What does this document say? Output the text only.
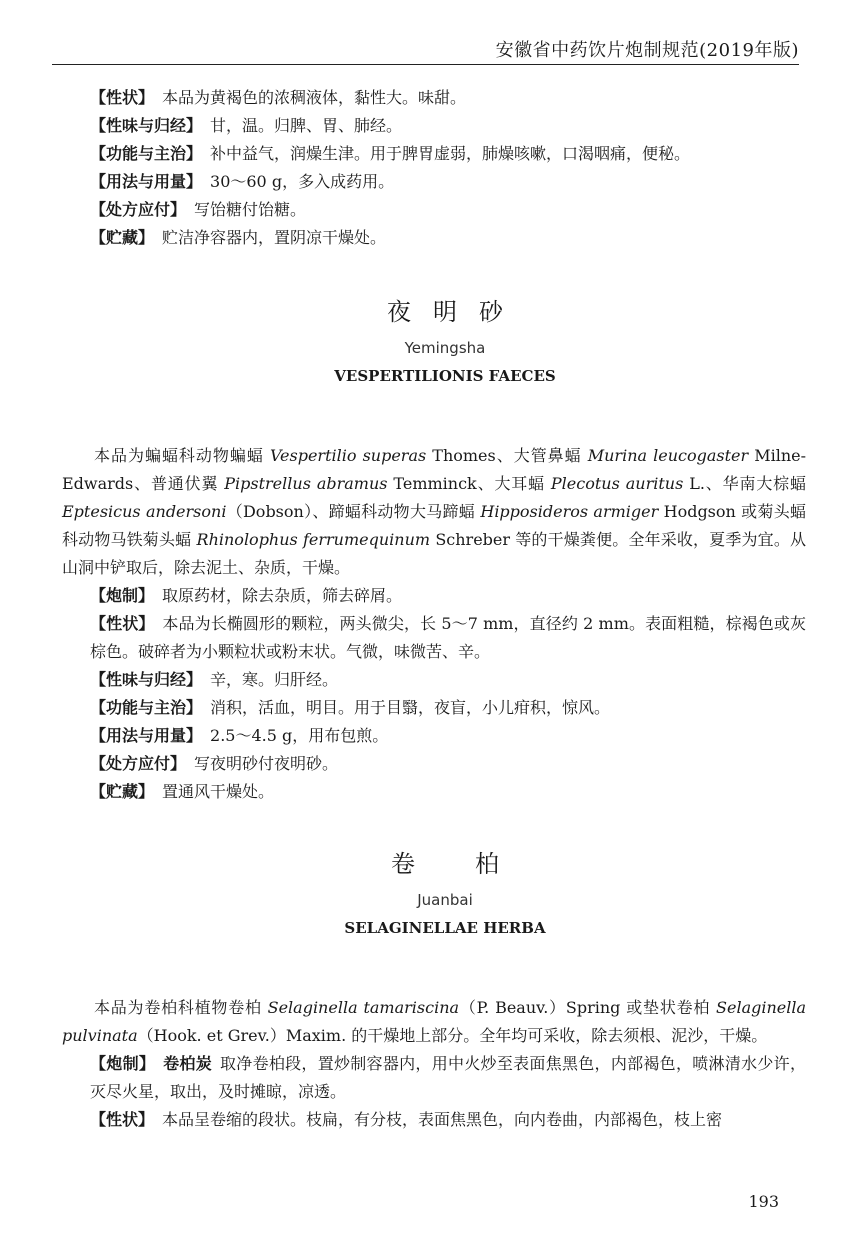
安徽省中药饮片炮制规范(2019年版)
【性状】 本品为黄褐色的浓稠液体，黏性大。味甜。
【性味与归经】 甘，温。归脾、胃、肺经。
【功能与主治】 补中益气，润燥生津。用于脾胃虚弱，肺燥咳嗽，口渴咽痛，便秘。
【用法与用量】 30～60 g，多入成药用。
【处方应付】 写饴糖付饴糖。
【贮藏】 贮洁净容器内，置阴凉干燥处。
夜明砂
Yemingsha
VESPERTILIONIS FAECES
本品为蝙蝠科动物蝙蝠 Vespertilio superas Thomes、大管鼻蝠 Murina leucogaster Milne-Edwards、普通伏翼 Pipstrellus abramus Temminck、大耳蝠 Plecotus auritus L.、华南大棕蝠 Eptesicus andersoni（Dobson）、蹄蝠科动物大马蹄蝠 Hipposideros armiger Hodgson 或菊头蝠科动物马铁菊头蝠 Rhinolophus ferrumequinum Schreber 等的干燥粪便。全年采收，夏季为宜。从山洞中铲取后，除去泥土、杂质，干燥。
【炮制】 取原药材，除去杂质，筛去碎屑。
【性状】 本品为长椭圆形的颗粒，两头微尖，长 5～7 mm，直径约 2 mm。表面粗糙，棕褐色或灰棕色。破碎者为小颗粒状或粉末状。气微，味微苦、辛。
【性味与归经】 辛，寒。归肝经。
【功能与主治】 消积，活血，明目。用于目翳，夜盲，小儿疳积，惊风。
【用法与用量】 2.5～4.5 g，用布包煎。
【处方应付】 写夜明砂付夜明砂。
【贮藏】 置通风干燥处。
卷柏
Juanbai
SELAGINELLAE HERBA
本品为卷柏科植物卷柏 Selaginella tamariscina（P. Beauv.）Spring 或垫状卷柏 Selaginella pulvinata（Hook. et Grev.）Maxim. 的干燥地上部分。全年均可采收，除去须根、泥沙，干燥。
【炮制】 卷柏炭 取净卷柏段，置炒制容器内，用中火炒至表面焦黑色，内部褐色，喷淋清水少许，灭尽火星，取出，及时摊晾，凉透。
【性状】 本品呈卷缩的段状。枝扁，有分枝，表面焦黑色，向内卷曲，内部褐色，枝上密
193
